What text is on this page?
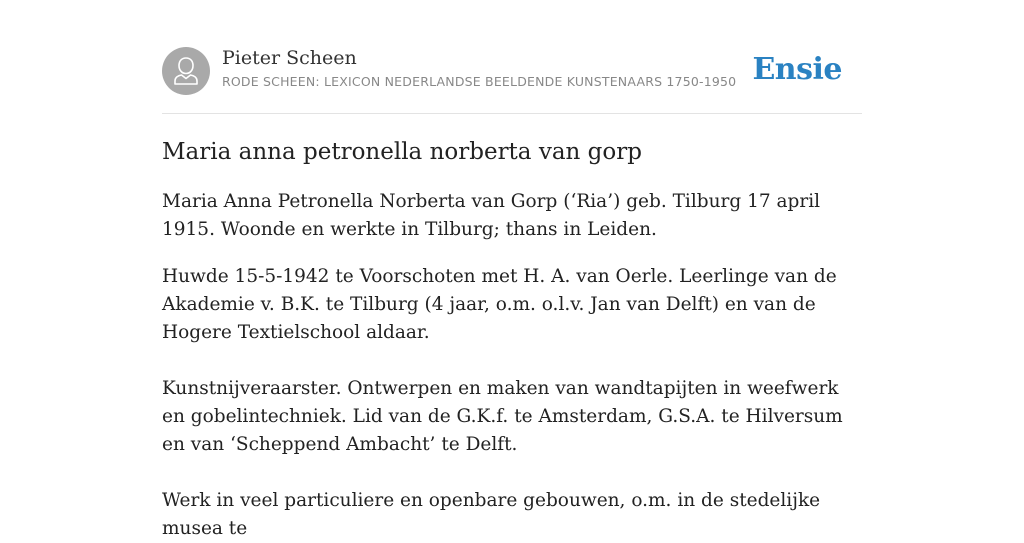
Pieter Scheen
RODE SCHEEN: LEXICON NEDERLANDSE BEELDENDE KUNSTENAARS 1750-1950 Ensie
Maria anna petronella norberta van gorp

Maria Anna Petronella Norberta van Gorp (‘Ria’) geb. Tilburg 17 april 1915. Woonde en werkte in Tilburg; thans in Leiden.

Huwde 15-5-1942 te Voorschoten met H. A. van Oerle. Leerlinge van de Akademie v. B.K. te Tilburg (4 jaar, o.m. o.l.v. Jan van Delft) en van de Hogere Textielschool aldaar.

Kunstnijveraarster. Ontwerpen en maken van wandtapijten in weefwerk en gobelintechniek. Lid van de G.K.f. te Amsterdam, G.S.A. te Hilversum en van ‘Scheppend Ambacht’ te Delft.

Werk in veel particuliere en openbare gebouwen, o.m. in de stedelijke musea te
